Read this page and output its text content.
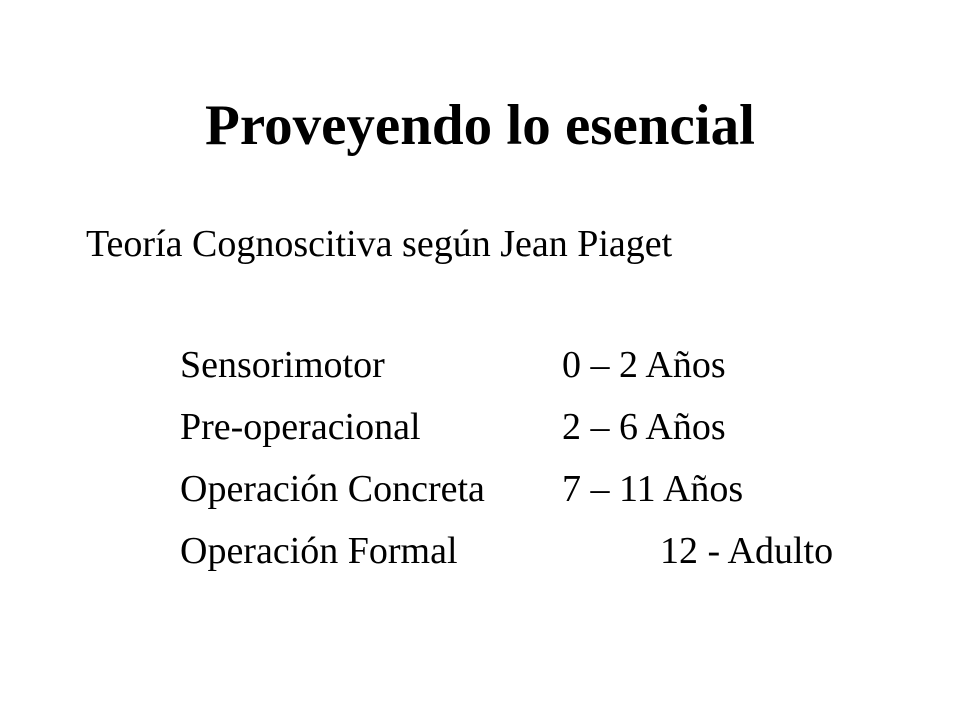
Proveyendo lo esencial

Teoría Cognoscitiva según Jean Piaget

Sensorimotor	0 – 2 Años
Pre-operacional	2 – 6 Años
Operación Concreta 7 – 11 Años
Operación Formal	12 - Adulto
